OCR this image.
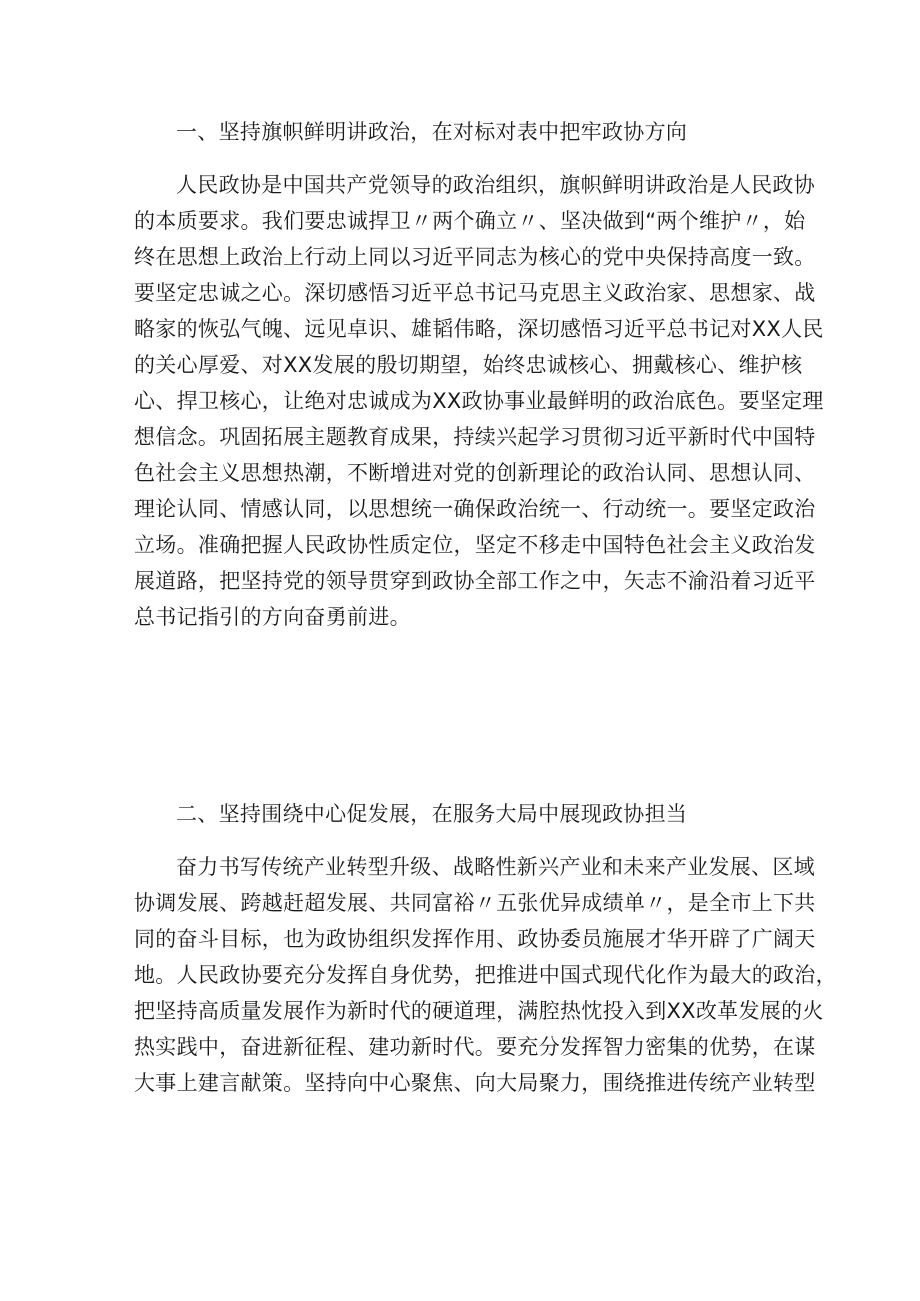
一、坚持旗帜鲜明讲政治，在对标对表中把牢政协方向
人民政协是中国共产党领导的政治组织，旗帜鲜明讲政治是人民政协
的本质要求。我们要忠诚捍卫〃两个确立〃、坚决做到“两个维护〃，始
终在思想上政治上行动上同以习近平同志为核心的党中央保持高度一致。
要坚定忠诚之心。深切感悟习近平总书记马克思主义政治家、思想家、战
略家的恢弘气魄、远见卓识、雄韬伟略，深切感悟习近平总书记对XX人民
的关心厚爱、对XX发展的殷切期望，始终忠诚核心、拥戴核心、维护核
心、捍卫核心，让绝对忠诚成为XX政协事业最鲜明的政治底色。要坚定理
想信念。巩固拓展主题教育成果，持续兴起学习贯彻习近平新时代中国特
色社会主义思想热潮，不断增进对党的创新理论的政治认同、思想认同、
理论认同、情感认同，以思想统一确保政治统一、行动统一。要坚定政治
立场。准确把握人民政协性质定位，坚定不移走中国特色社会主义政治发
展道路，把坚持党的领导贯穿到政协全部工作之中，矢志不渝沿着习近平
总书记指引的方向奋勇前进。
二、坚持围绕中心促发展，在服务大局中展现政协担当
奋力书写传统产业转型升级、战略性新兴产业和未来产业发展、区域
协调发展、跨越赶超发展、共同富裕〃五张优异成绩单〃，是全市上下共
同的奋斗目标，也为政协组织发挥作用、政协委员施展才华开辟了广阔天
地。人民政协要充分发挥自身优势，把推进中国式现代化作为最大的政治，
把坚持高质量发展作为新时代的硬道理，满腔热忱投入到XX改革发展的火
热实践中，奋进新征程、建功新时代。要充分发挥智力密集的优势，在谋
大事上建言献策。坚持向中心聚焦、向大局聚力，围绕推进传统产业转型
